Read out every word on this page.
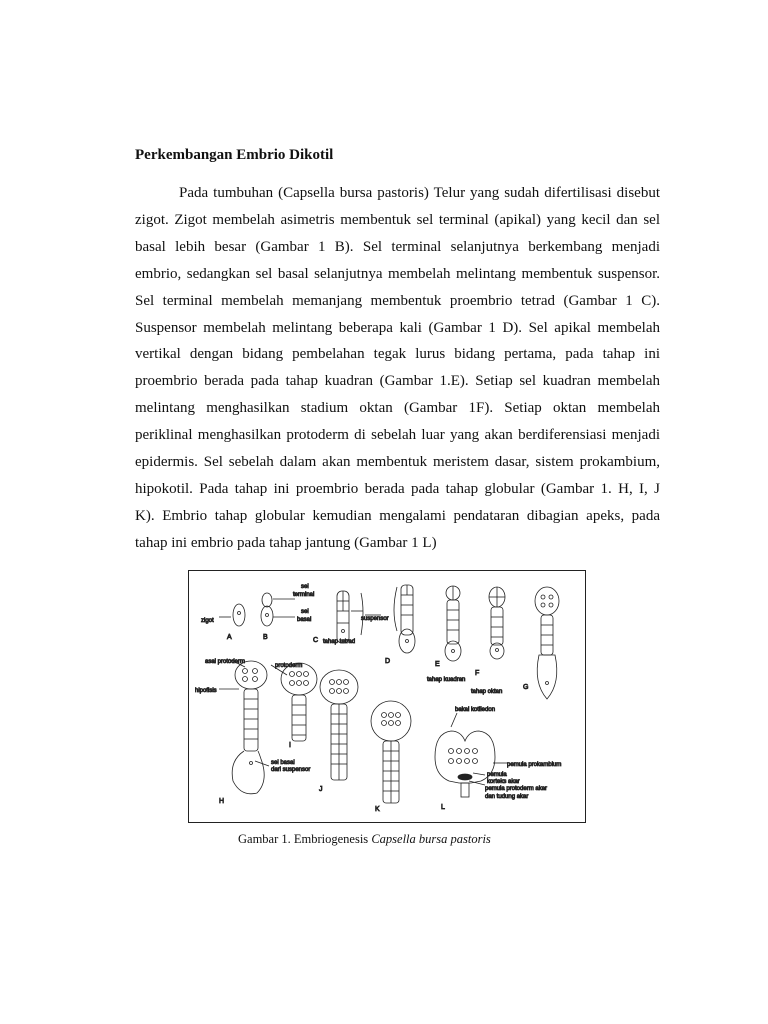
Perkembangan Embrio Dikotil

Pada tumbuhan (Capsella bursa pastoris) Telur yang sudah difertilisasi disebut
zigot. Zigot membelah asimetris membentuk sel terminal (apikal) yang kecil dan sel
basal lebih besar (Gambar 1 B). Sel terminal selanjutnya berkembang menjadi
embrio, sedangkan sel basal selanjutnya membelah melintang membentuk suspensor.
Sel terminal membelah memanjang membentuk proembrio tetrad (Gambar 1 C).
Suspensor membelah melintang beberapa kali (Gambar 1 D). Sel apikal membelah
vertikal dengan bidang pembelahan tegak lurus bidang pertama, pada tahap ini
proembrio berada pada tahap kuadran (Gambar 1.E). Setiap sel kuadran membelah
melintang menghasilkan stadium oktan (Gambar 1F). Setiap oktan membelah
periklinal menghasilkan protoderm di sebelah luar yang akan berdiferensiasi menjadi
epidermis. Sel sebelah dalam akan membentuk meristem dasar, sistem prokambium,
hipokotil. Pada tahap ini proembrio berada pada tahap globular (Gambar 1. H, I, J
K). Embrio tahap globular kemudian mengalami pendataran dibagian apeks, pada
tahap ini embrio pada tahap jantung (Gambar 1 L)

zigot
sel
terminal
sel
basal	suspensor
tahap tetrad
tahap kuadran
tahap oktan
asal protoderm
protoderm
hipofisis
sel basal
dari suspensor
bakal kotiledon
pemula prokambium
pemula
korteks akar
pemula protoderm akar
dan tudung akar
A	B	C
D	E
F
G
H
I
J
K	L

Gambar 1. Embriogenesis Capsella bursa pastoris
